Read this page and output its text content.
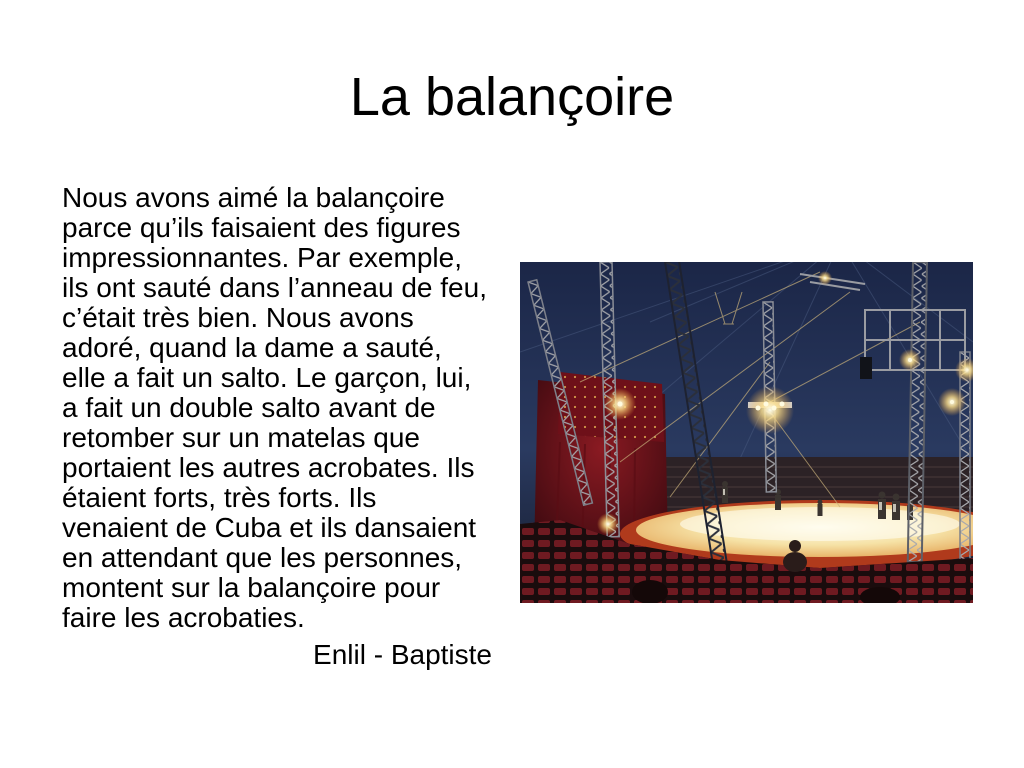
La balançoire
Nous avons aimé la balançoire
parce qu’ils faisaient des figures
impressionnantes. Par exemple,
ils ont sauté dans l’anneau de feu,
c’était très bien. Nous avons
adoré, quand la dame a sauté,
elle a fait un salto. Le garçon, lui,
a fait un double salto avant de
retomber sur un matelas que
portaient les autres acrobates. Ils
étaient forts, très forts. Ils
venaient de Cuba et ils dansaient
en attendant que les personnes,
montent sur la balançoire pour
faire les acrobaties.
Enlil - Baptiste
